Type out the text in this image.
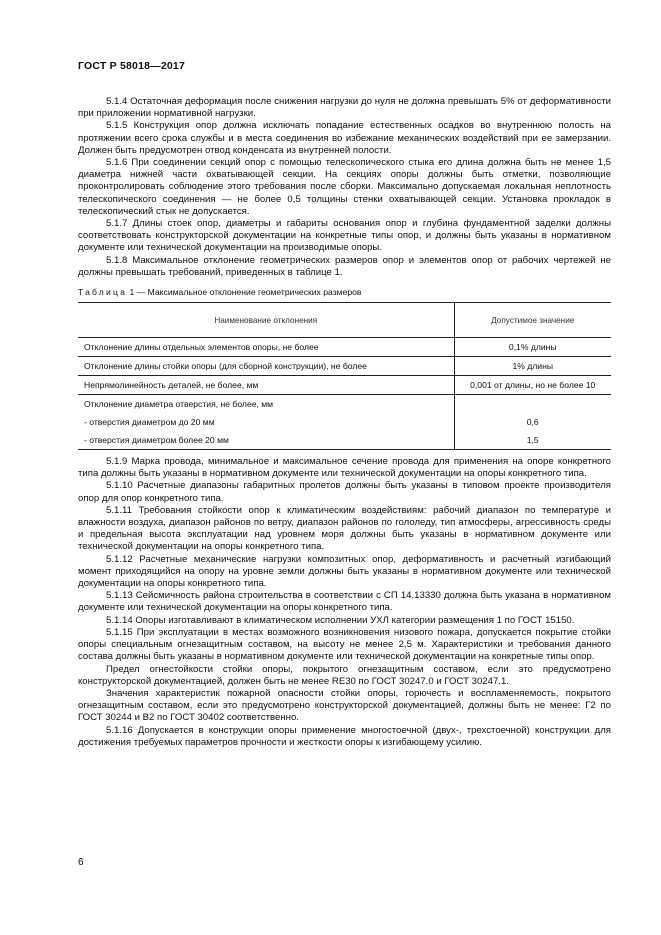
ГОСТ Р 58018—2017

5.1.4 Остаточная деформация после снижения нагрузки до нуля не должна превышать 5% от деформативности при приложении нормативной нагрузки.

5.1.5 Конструкция опор должна исключать попадание естественных осадков во внутреннюю полость на протяжении всего срока службы и в места соединения во избежание механических воздействий при ее замерзании. Должен быть предусмотрен отвод конденсата из внутренней полости.

5.1.6 При соединении секций опор с помощью телескопического стыка его длина должна быть не менее 1,5 диаметра нижней части охватывающей секции. На секциях опоры должны быть отметки, позволяющие проконтролировать соблюдение этого требования после сборки. Максимально допускаемая локальная неплотность телескопического соединения — не более 0,5 толщины стенки охватывающей секции. Установка прокладок в телескопический стык не допускается.

5.1.7 Длины стоек опор, диаметры и габариты основания опор и глубина фундаментной заделки должны соответствовать конструкторской документации на конкретные типы опор, и должны быть указаны в нормативном документе или технической документации на производимые опоры.

5.1.8 Максимальное отклонение геометрических размеров опор и элементов опор от рабочих чертежей не должны превышать требований, приведенных в таблице 1.

Таблица 1 — Максимальное отклонение геометрических размеров
Наименование отклонения	Допустимое значение
Отклонение длины отдельных элементов опоры, не более	0,1% длины
Отклонение длины стойки опоры (для сборной конструкции), не более	1% длины
Непрямолинейность деталей, не более, мм	0,001 от длины, но не более 10
Отклонение диаметра отверстия, не более, мм	
- отверстия диаметром до 20 мм	0,6
- отверстия диаметром более 20 мм	1,5

5.1.9 Марка провода, минимальное и максимальное сечение провода для применения на опоре конкретного типа должны быть указаны в нормативном документе или технической документации на опоры конкретного типа.

5.1.10 Расчетные диапазоны габаритных пролетов должны быть указаны в типовом проекте производителя опор для опор конкретного типа.

5.1.11 Требования стойкости опор к климатическим воздействиям: рабочий диапазон по температуре и влажности воздуха, диапазон районов по ветру, диапазон районов по гололеду, тип атмосферы, агрессивность среды и предельная высота эксплуатации над уровнем моря должны быть указаны в нормативном документе или технической документации на опоры конкретного типа.

5.1.12 Расчетные механические нагрузки композитных опор, деформативность и расчетный изгибающий момент приходящийся на опору на уровне земли должны быть указаны в нормативном документе или технической документации на опоры конкретного типа.

5.1.13 Сейсмичность района строительства в соответствии с СП 14.13330 должна быть указана в нормативном документе или технической документации на опоры конкретного типа.

5.1.14 Опоры изготавливают в климатическом исполнении УХЛ категории размещения 1 по ГОСТ 15150.

5.1.15 При эксплуатации в местах возможного возникновения низового пожара, допускается покрытие стойки опоры специальным огнезащитным составом, на высоту не менее 2,5 м. Характеристики и требования данного состава должны быть указаны в нормативном документе или технической документации на конкретные типы опор.

Предел огнестойкости стойки опоры, покрытого огнезащитным составом, если это предусмотрено конструкторской документацией, должен быть не менее RE30 по ГОСТ 30247.0 и ГОСТ 30247.1.

Значения характеристик пожарной опасности стойки опоры, горючесть и воспламеняемость, покрытого огнезащитным составом, если это предусмотрено конструкторской документацией, должны быть не менее: Г2 по ГОСТ 30244 и В2 по ГОСТ 30402 соответственно.

5.1.16 Допускается в конструкции опоры применение многостоечной (двух-, трехстоечной) конструкции для достижения требуемых параметров прочности и жесткости опоры к изгибающему усилию.

6
